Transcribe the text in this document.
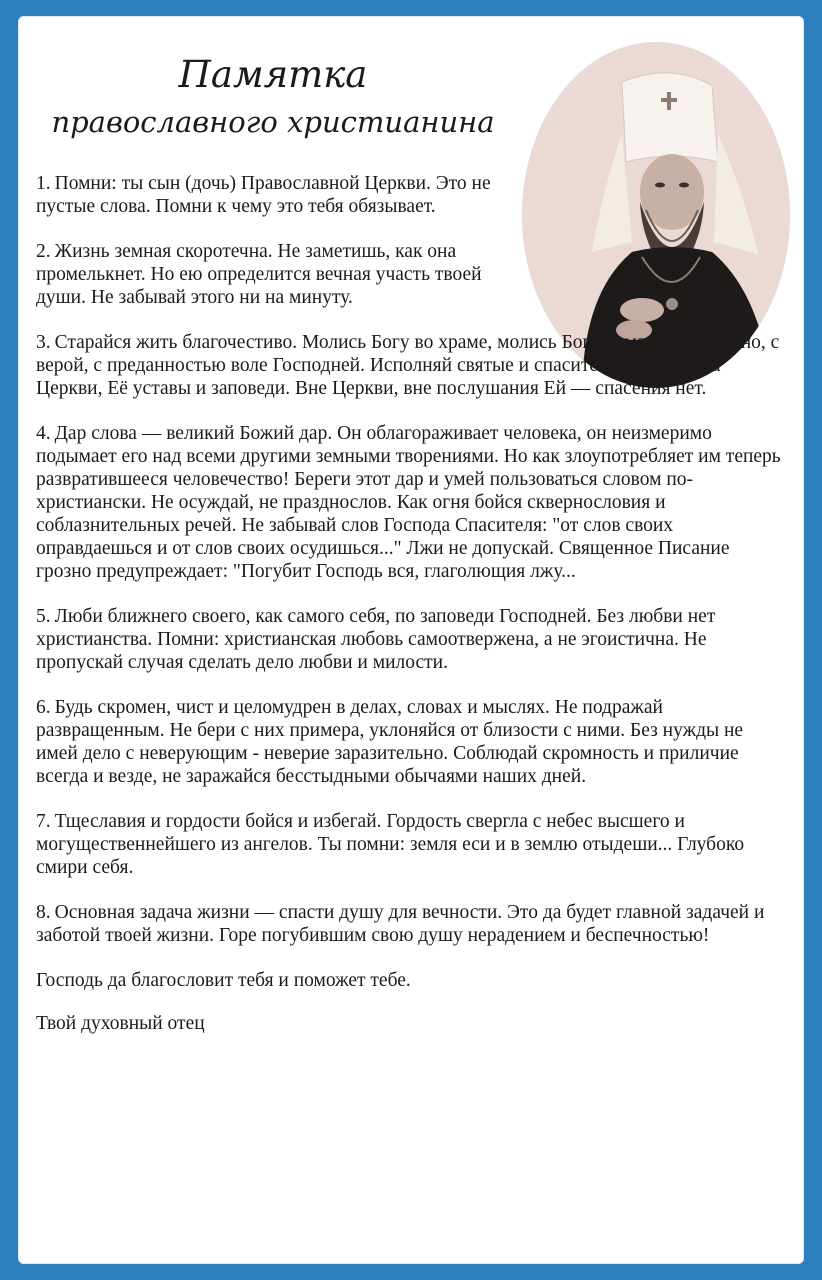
Памятка
православного христианина

1. Помни: ты сын (дочь) Православной Церкви. Это не пустые слова. Помни к чему это тебя обязывает.

2. Жизнь земная скоротечна. Не заметишь, как она промелькнет. Но ею определится вечная участь твоей души. Не забывай этого ни на минуту.

3. Старайся жить благочестиво. Молись Богу во храме, молись Богу дома благоговейно, с верой, с преданностью воле Господней. Исполняй святые и спасительные правила Церкви, Её уставы и заповеди. Вне Церкви, вне послушания Ей — спасения нет.

4. Дар слова — великий Божий дар. Он облагораживает человека, он неизмеримо подымает его над всеми другими земными творениями. Но как злоупотребляет им теперь развратившееся человечество! Береги этот дар и умей пользоваться словом по-христиански. Не осуждай, не празднослов. Как огня бойся сквернословия и соблазнительных речей. Не забывай слов Господа Спасителя: "от слов своих оправдаешься и от слов своих осудишься..." Лжи не допускай. Священное Писание грозно предупреждает: "Погубит Господь вся, глаголющия лжу...

5. Люби ближнего своего, как самого себя, по заповеди Господней. Без любви нет христианства. Помни: христианская любовь самоотвержена, а не эгоистична. Не пропускай случая сделать дело любви и милости.

6. Будь скромен, чист и целомудрен в делах, словах и мыслях. Не подражай развращенным. Не бери с них примера, уклоняйся от близости с ними. Без нужды не имей дело с неверующим - неверие заразительно. Соблюдай скромность и приличие всегда и везде, не заражайся бесстыдными обычаями наших дней.

7. Тщеславия и гордости бойся и избегай. Гордость свергла с небес высшего и могущественнейшего из ангелов. Ты помни: земля еси и в землю отыдеши... Глубоко смири себя.

8. Основная задача жизни — спасти душу для вечности. Это да будет главной задачей и заботой твоей жизни. Горе погубившим свою душу нерадением и беспечностью!

Господь да благословит тебя и поможет тебе.

Твой духовный отец
